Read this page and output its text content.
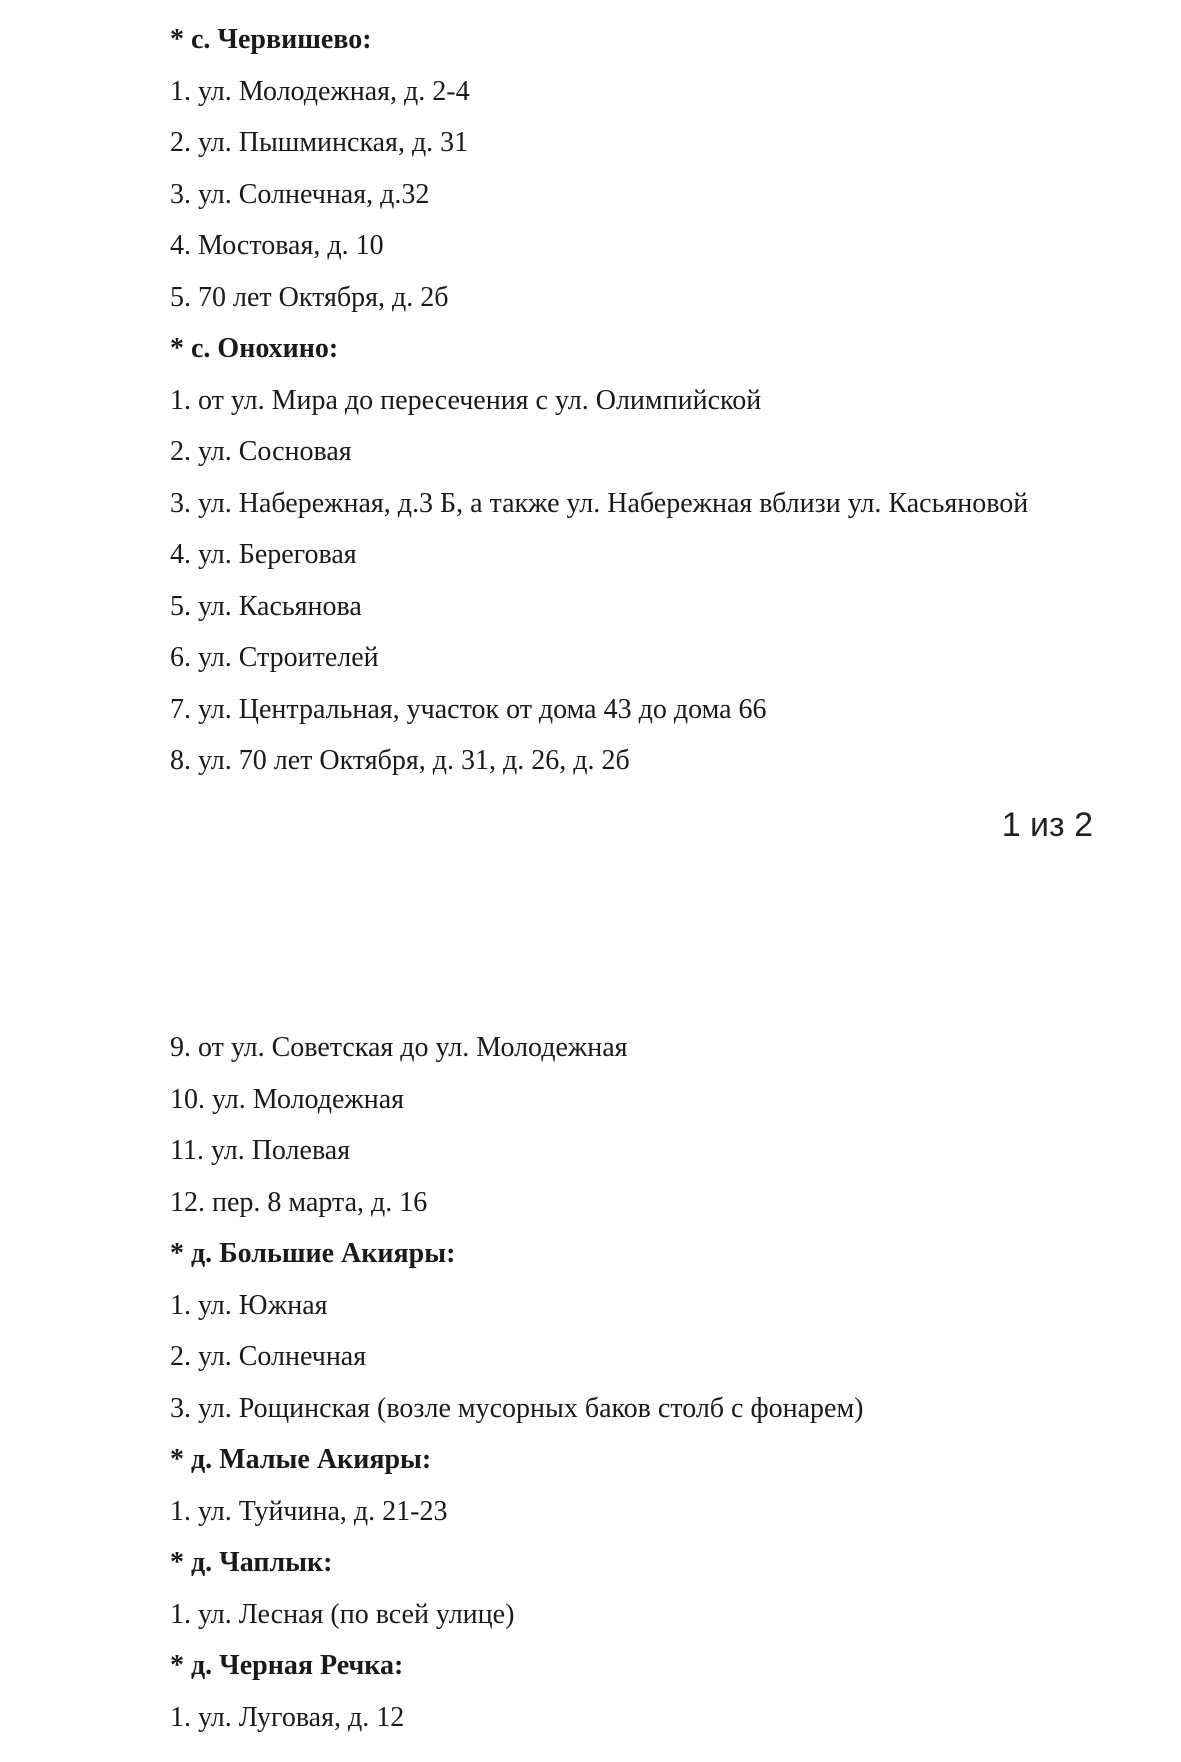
* с. Червишево:
1. ул. Молодежная, д. 2-4
2. ул. Пышминская, д. 31
3. ул. Солнечная, д.32
4. Мостовая, д. 10
5. 70 лет Октября, д. 2б
* с. Онохино:
1. от ул. Мира до пересечения с ул. Олимпийской
2. ул. Сосновая
3. ул. Набережная, д.3 Б, а также ул. Набережная вблизи ул. Касьяновой
4. ул. Береговая
5. ул. Касьянова
6. ул. Строителей
7. ул. Центральная, участок от дома 43 до дома 66
8. ул. 70 лет Октября, д. 31, д. 26, д. 2б
1 из 2
9. от ул. Советская до ул. Молодежная
10. ул. Молодежная
11. ул. Полевая
12. пер. 8 марта, д. 16
* д. Большие Акияры:
1. ул. Южная
2. ул. Солнечная
3. ул. Рощинская (возле мусорных баков столб с фонарем)
* д. Малые Акияры:
1. ул. Туйчина, д. 21-23
* д. Чаплык:
1. ул. Лесная (по всей улице)
* д. Черная Речка:
1. ул. Луговая, д. 12
